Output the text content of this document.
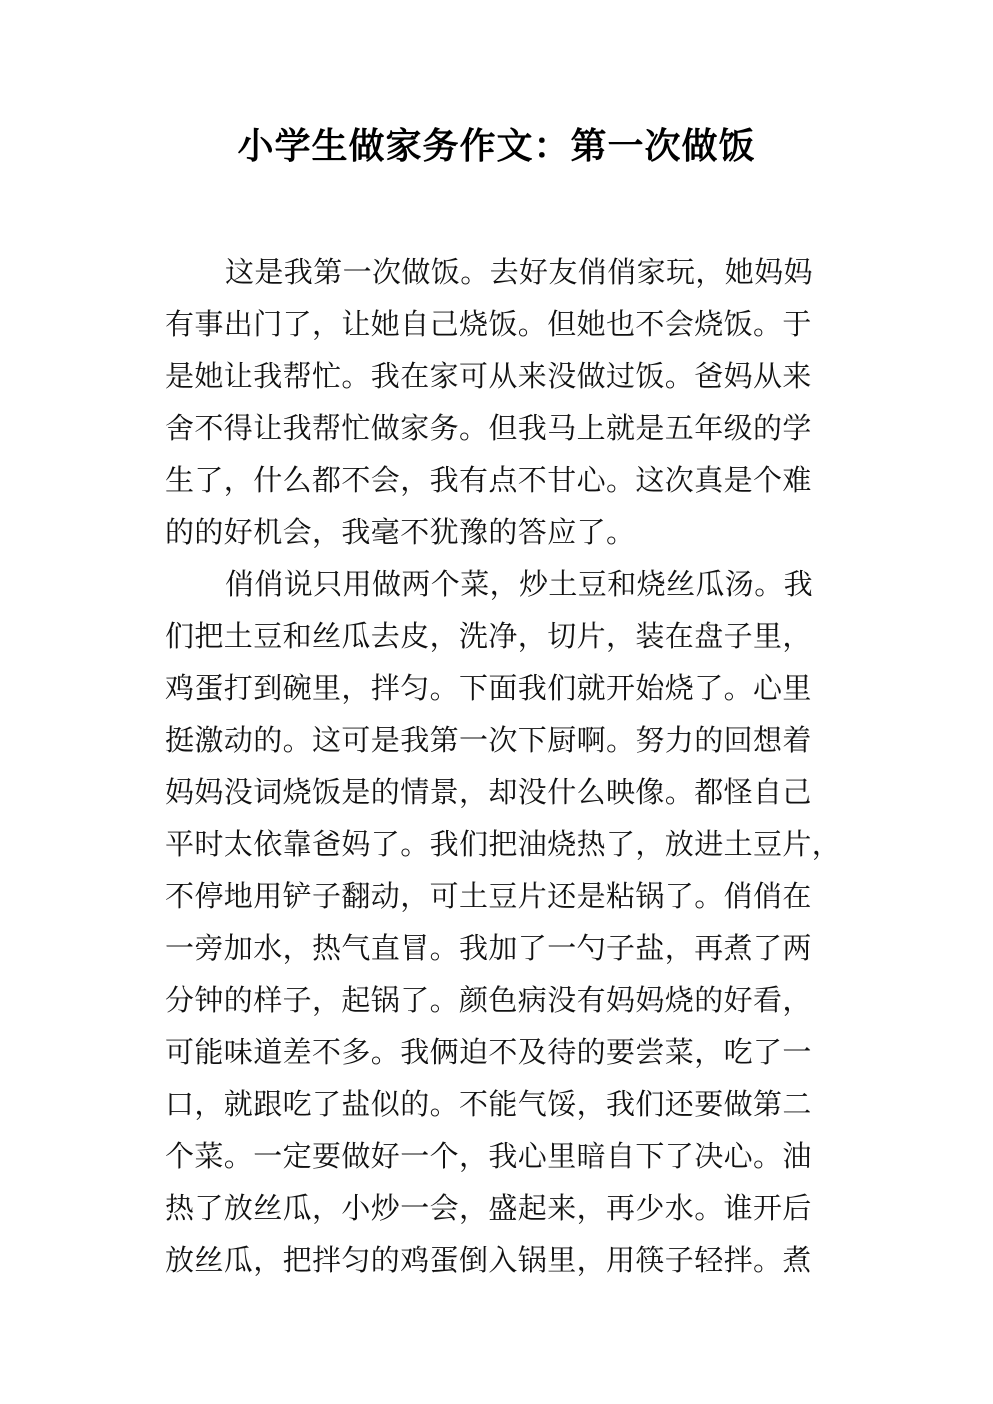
小学生做家务作文：第一次做饭
这是我第一次做饭。去好友俏俏家玩，她妈妈
有事出门了，让她自己烧饭。但她也不会烧饭。于
是她让我帮忙。我在家可从来没做过饭。爸妈从来
舍不得让我帮忙做家务。但我马上就是五年级的学
生了，什么都不会，我有点不甘心。这次真是个难
的的好机会，我毫不犹豫的答应了。
俏俏说只用做两个菜，炒土豆和烧丝瓜汤。我
们把土豆和丝瓜去皮，洗净，切片，装在盘子里，
鸡蛋打到碗里，拌匀。下面我们就开始烧了。心里
挺激动的。这可是我第一次下厨啊。努力的回想着
妈妈没词烧饭是的情景，却没什么映像。都怪自己
平时太依靠爸妈了。我们把油烧热了，放进土豆片，
不停地用铲子翻动，可土豆片还是粘锅了。俏俏在
一旁加水，热气直冒。我加了一勺子盐，再煮了两
分钟的样子，起锅了。颜色病没有妈妈烧的好看，
可能味道差不多。我俩迫不及待的要尝菜，吃了一
口，就跟吃了盐似的。不能气馁，我们还要做第二
个菜。一定要做好一个，我心里暗自下了决心。油
热了放丝瓜，小炒一会，盛起来，再少水。谁开后
放丝瓜，把拌匀的鸡蛋倒入锅里，用筷子轻拌。煮
